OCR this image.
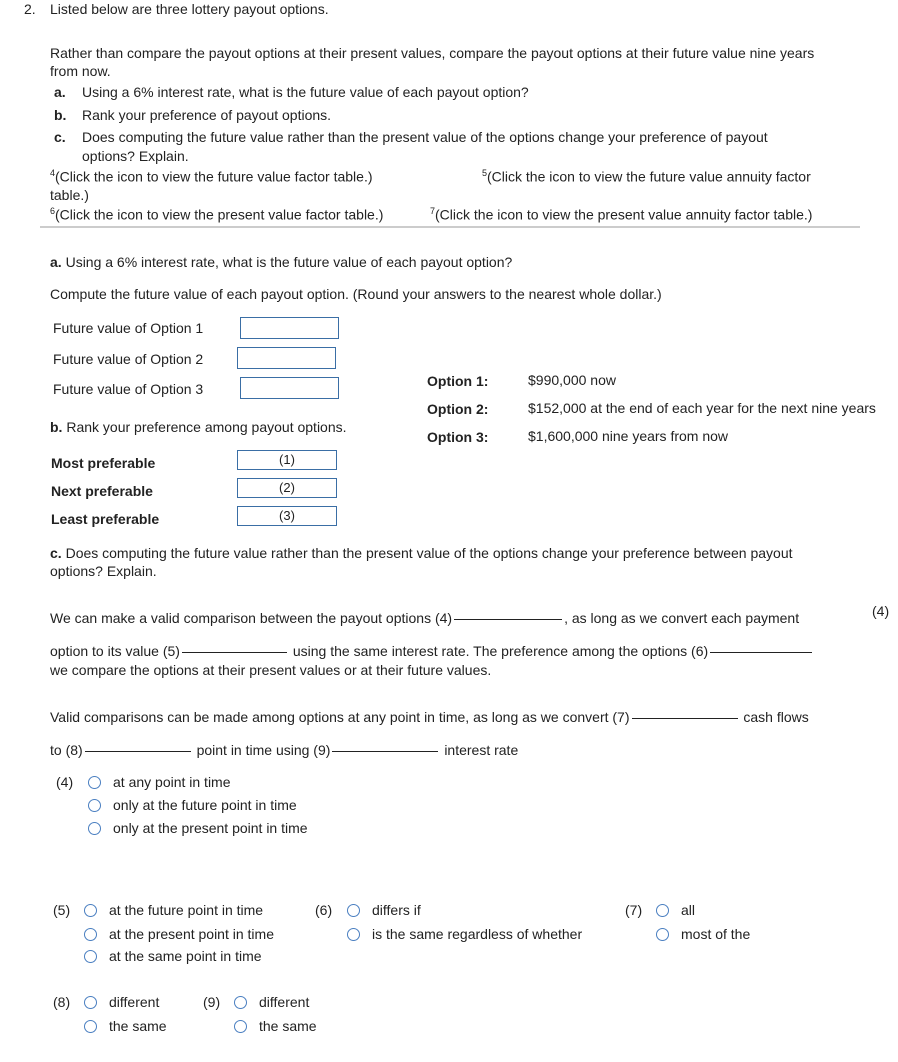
2. Listed below are three lottery payout options.
Rather than compare the payout options at their present values, compare the payout options at their future value nine years
from now.
a. Using a 6% interest rate, what is the future value of each payout option?
b. Rank your preference of payout options.
c. Does computing the future value rather than the present value of the options change your preference of payout
options? Explain.
$^4$(Click the icon to view the future value factor table.)	$^5$(Click the icon to view the future value annuity factor
table.)
$^6$(Click the icon to view the present value factor table.)	$^7$(Click the icon to view the present value annuity factor table.)
a. Using a 6% interest rate, what is the future value of each payout option?
Compute the future value of each payout option. (Round your answers to the nearest whole dollar.)
Future value of Option 1
Future value of Option 2
Future value of Option 3	Option 1:	$990,000 now
Option 2:	$152,000 at the end of each year for the next nine years
Option 3:	$1,600,000 nine years from now
b. Rank your preference among payout options.
Most preferable	(1)
Next preferable	(2)
Least preferable	(3)
c. Does computing the future value rather than the present value of the options change your preference between payout
options? Explain.
We can make a valid comparison between the payout options (4)	, as long as we convert each payment	(4)
option to its value (5)	using the same interest rate. The preference among the options (6)
we compare the options at their present values or at their future values.
Valid comparisons can be made among options at any point in time, as long as we convert (7)	cash flows
to (8)	point in time using (9)	interest rate
(4)	at any point in time
only at the future point in time
only at the present point in time
(5)	at the future point in time
at the present point in time
at the same point in time
(6)	differs if
is the same regardless of whether
(7)	all
most of the
(8)	different
the same
(9)	different
the same
